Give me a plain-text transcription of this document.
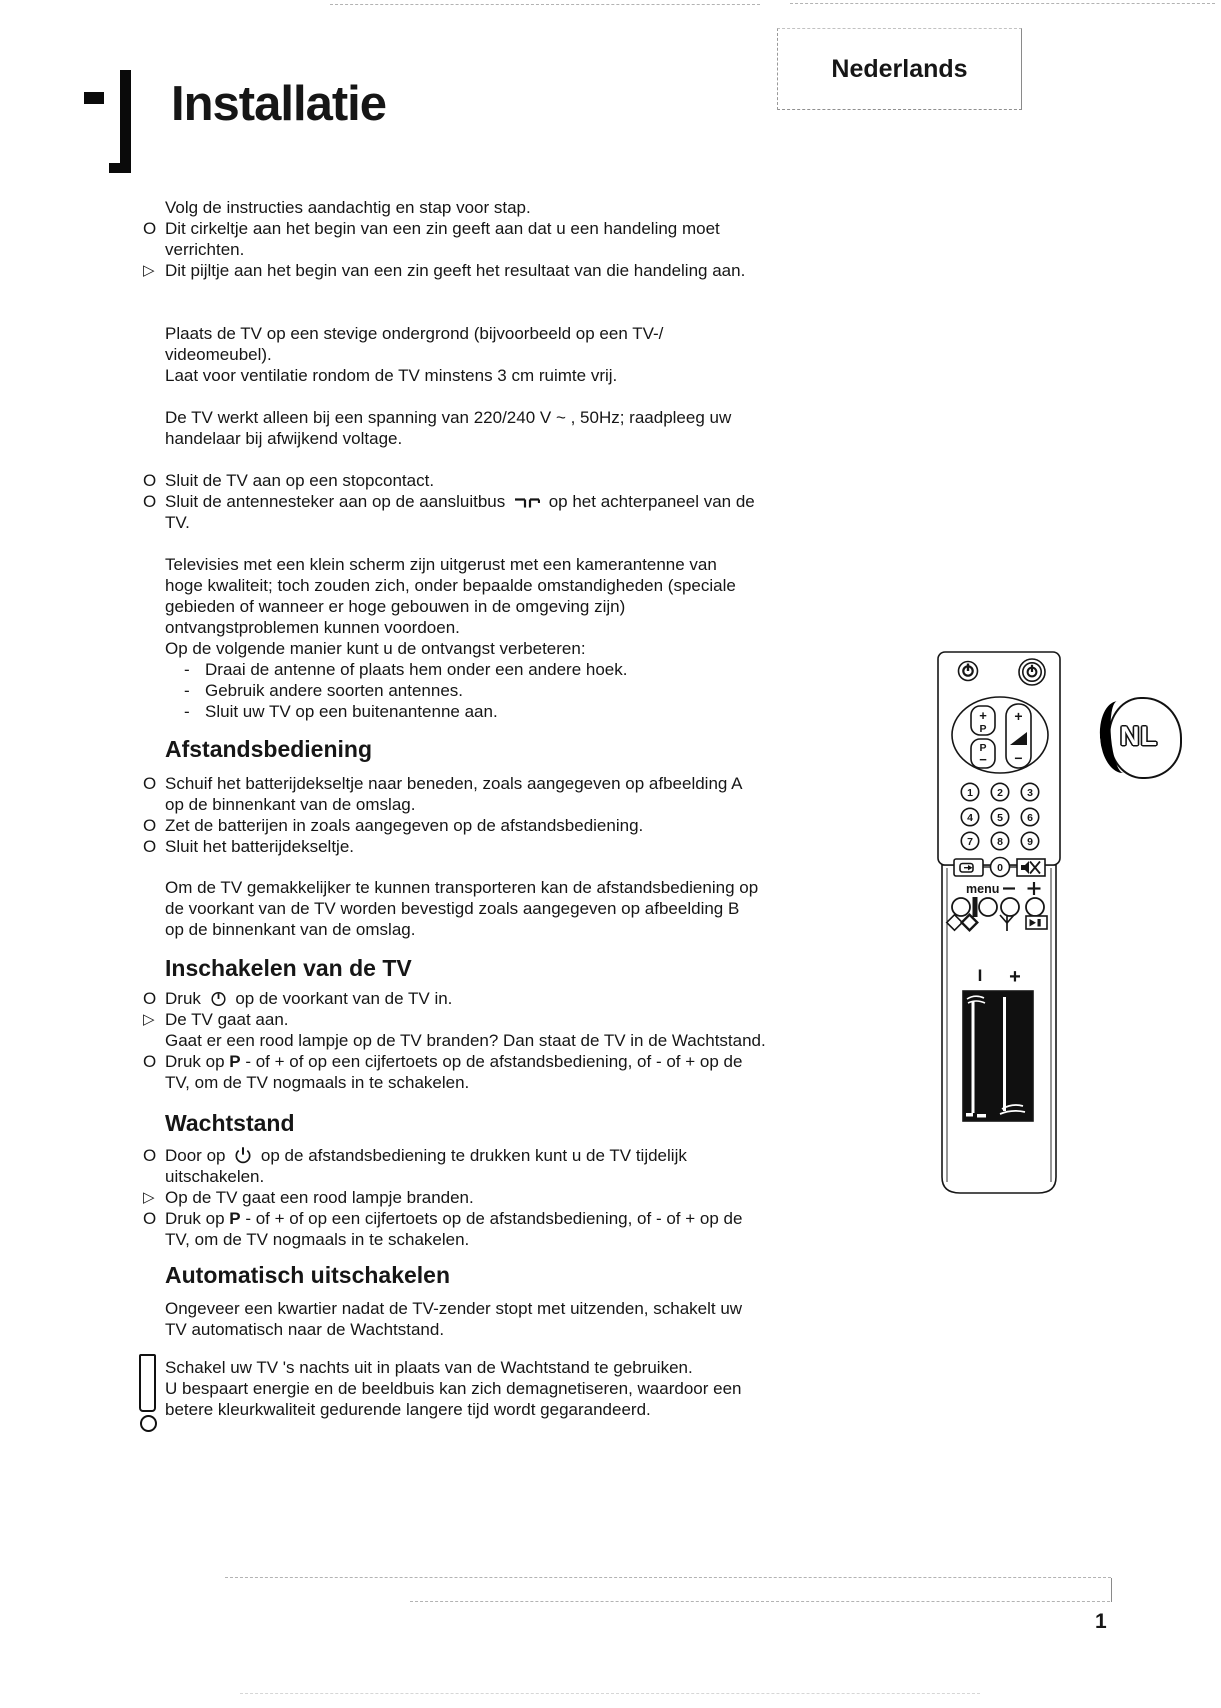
Installatie
Nederlands
Volg de instructies aandachtig en stap voor stap.
O Dit cirkeltje aan het begin van een zin geeft aan dat u een handeling moet
verrichten.
▷ Dit pijltje aan het begin van een zin geeft het resultaat van die handeling aan.
Plaats de TV op een stevige ondergrond (bijvoorbeeld op een TV-/
videomeubel).
Laat voor ventilatie rondom de TV minstens 3 cm ruimte vrij.
De TV werkt alleen bij een spanning van 220/240 V ~ , 50Hz; raadpleeg uw
handelaar bij afwijkend voltage.
O Sluit de TV aan op een stopcontact.
O Sluit de antennesteker aan op de aansluitbus  op het achterpaneel van de
TV.
Televisies met een klein scherm zijn uitgerust met een kamerantenne van
hoge kwaliteit; toch zouden zich, onder bepaalde omstandigheden (speciale
gebieden of wanneer er hoge gebouwen in de omgeving zijn)
ontvangstproblemen kunnen voordoen.
Op de volgende manier kunt u de ontvangst verbeteren:
- Draai de antenne of plaats hem onder een andere hoek.
- Gebruik andere soorten antennes.
- Sluit uw TV op een buitenantenne aan.
Afstandsbediening
O Schuif het batterijdekseltje naar beneden, zoals aangegeven op afbeelding A
op de binnenkant van de omslag.
O Zet de batterijen in zoals aangegeven op de afstandsbediening.
O Sluit het batterijdekseltje.
Om de TV gemakkelijker te kunnen transporteren kan de afstandsbediening op
de voorkant van de TV worden bevestigd zoals aangegeven op afbeelding B
op de binnenkant van de omslag.
Inschakelen van de TV
O Druk  op de voorkant van de TV in.
▷ De TV gaat aan.
Gaat er een rood lampje op de TV branden? Dan staat de TV in de Wachtstand.
O Druk op P - of + of op een cijfertoets op de afstandsbediening, of - of + op de
TV, om de TV nogmaals in te schakelen.
Wachtstand
O Door op  op de afstandsbediening te drukken kunt u de TV tijdelijk
uitschakelen.
▷ Op de TV gaat een rood lampje branden.
O Druk op P - of + of op een cijfertoets op de afstandsbediening, of - of + op de
TV, om de TV nogmaals in te schakelen.
Automatisch uitschakelen
Ongeveer een kwartier nadat de TV-zender stopt met uitzenden, schakelt uw
TV automatisch naar de Wachtstand.
Schakel uw TV 's nachts uit in plaats van de Wachtstand te gebruiken.
U bespaart energie en de beeldbuis kan zich demagnetiseren, waardoor een
betere kleurkwaliteit gedurende langere tijd wordt gegarandeerd.
I +
+
P
P
−
+
−
1 2 3
4 5 6
7 8 9
0
menu
NL
1
